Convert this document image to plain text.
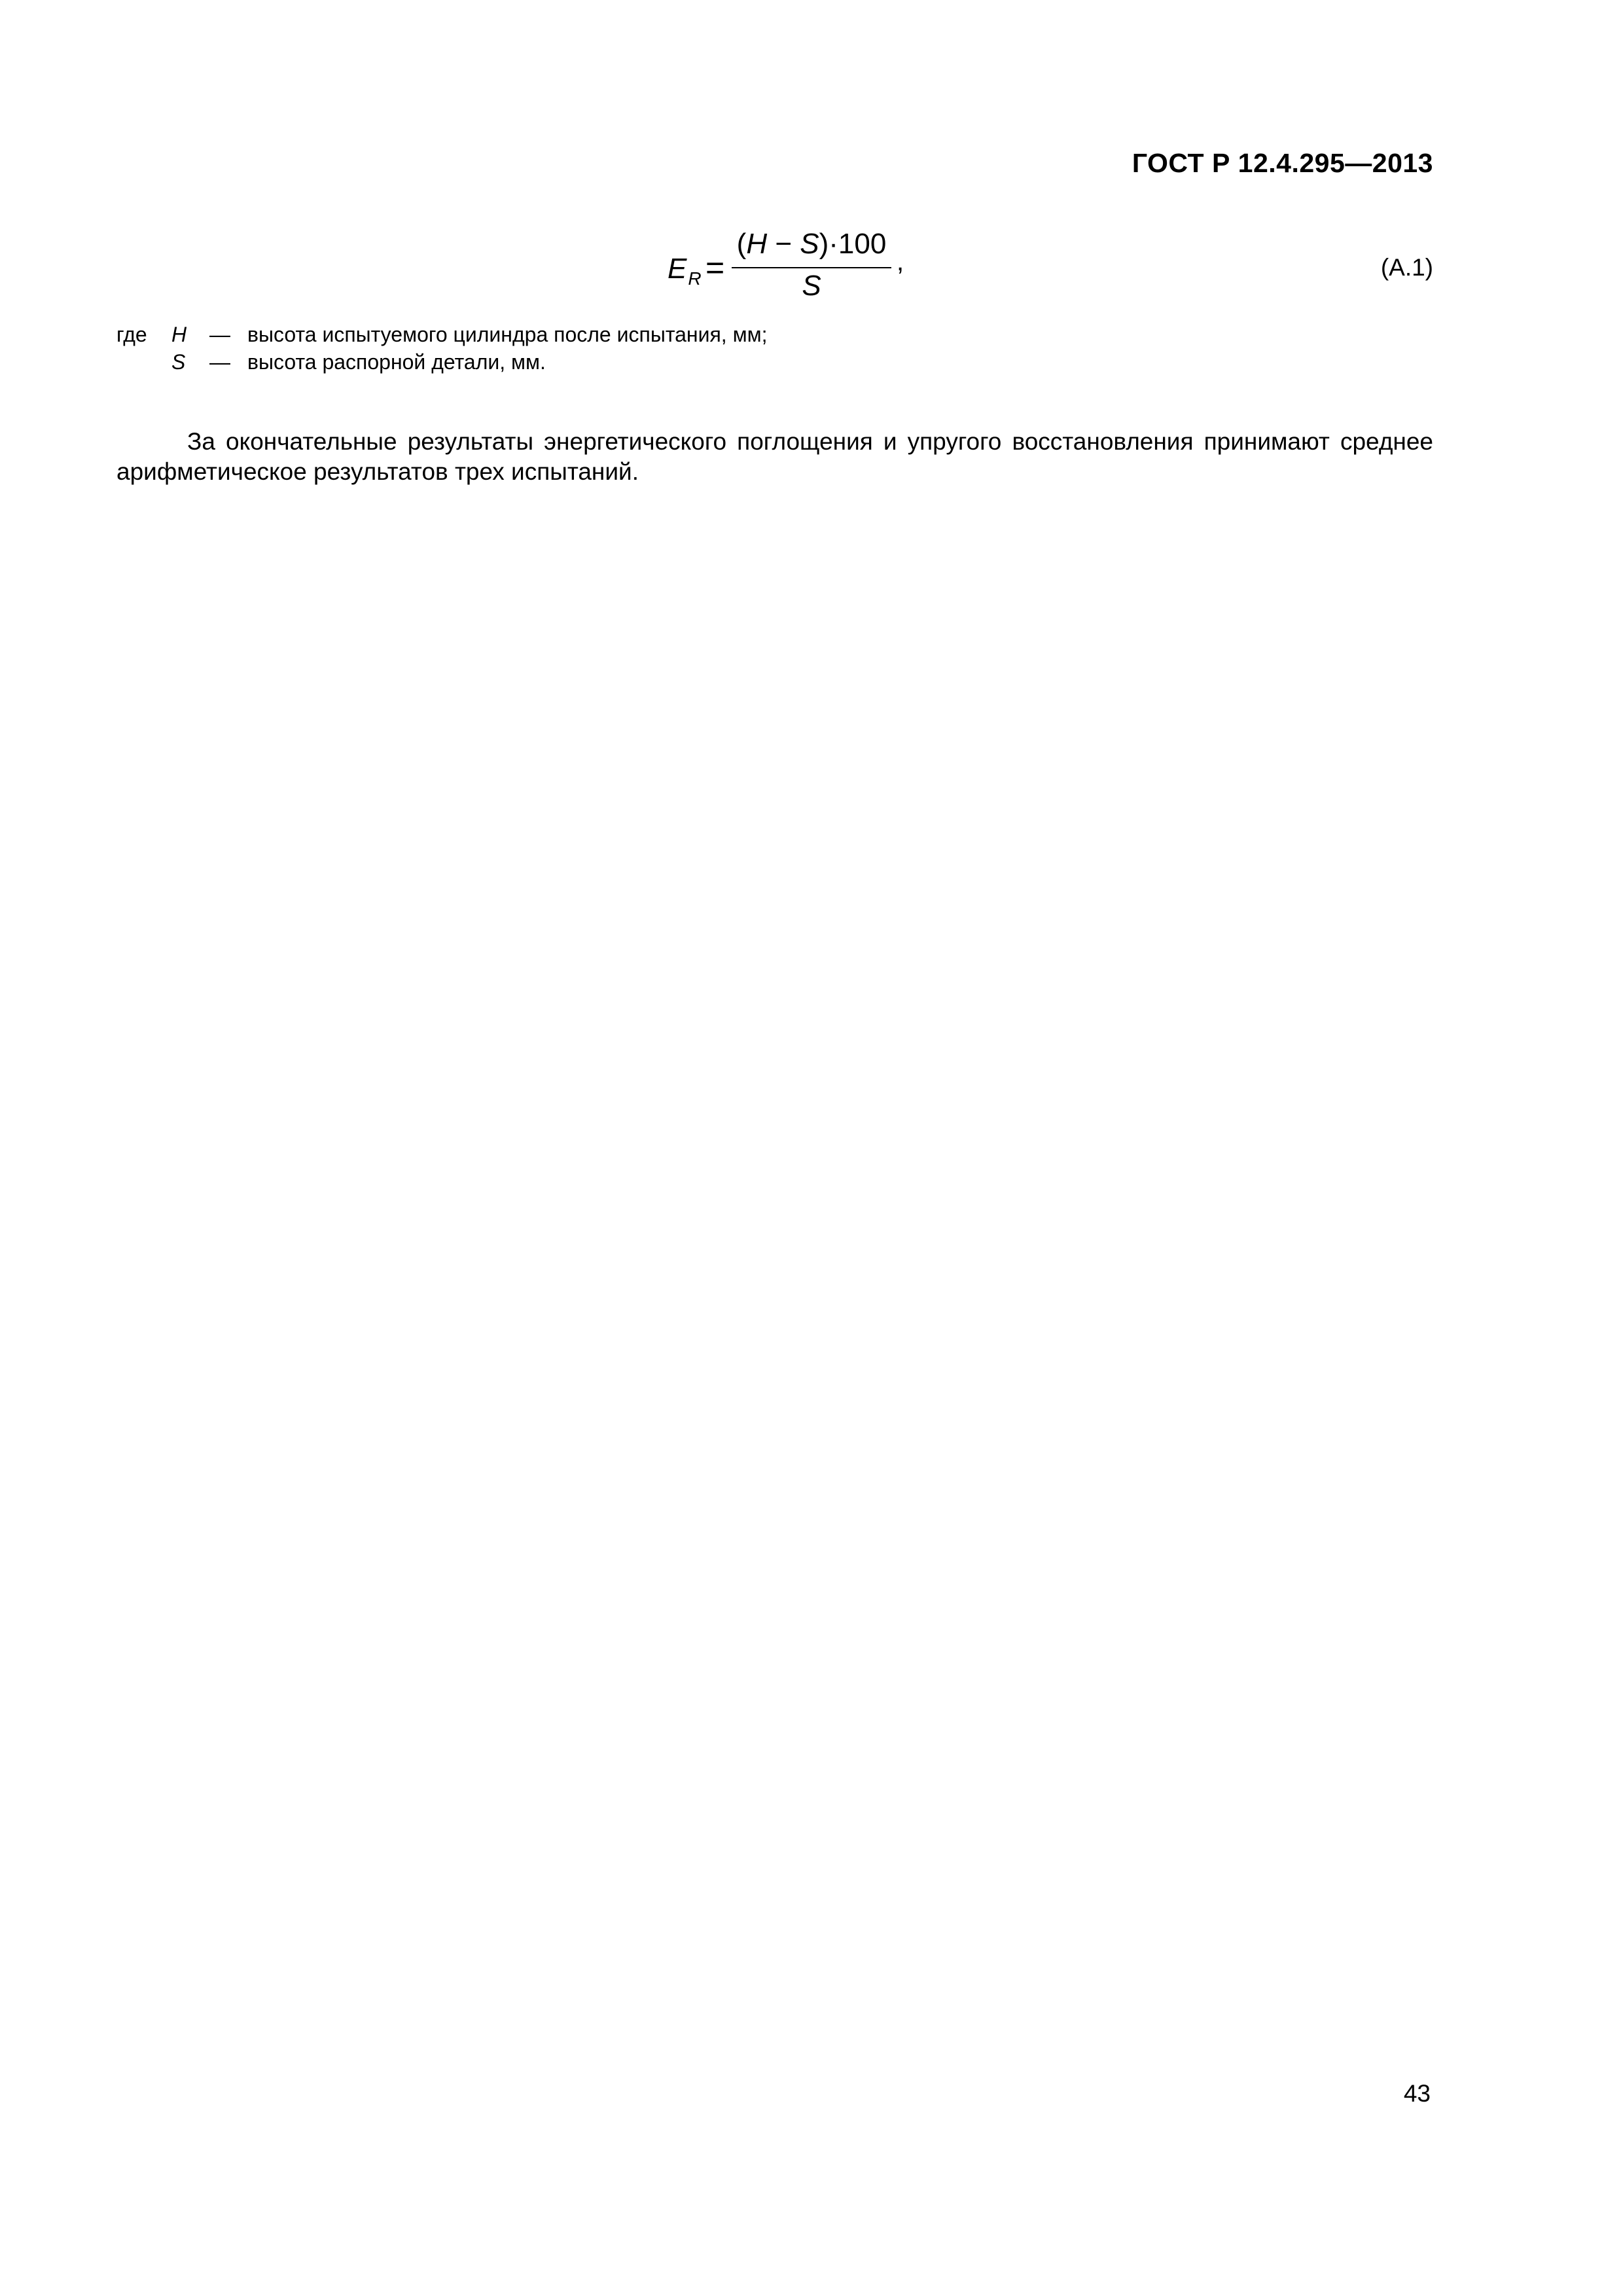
ГОСТ Р 12.4.295—2013
$E_R$ =
(H − S)·100
S
,	(А.1)
где H — высота испытуемого цилиндра после испытания, мм;
S — высота распорной детали, мм.

За окончательные результаты энергетического поглощения и упругого восстановления принимают среднее арифметическое результатов трех испытаний.

43
